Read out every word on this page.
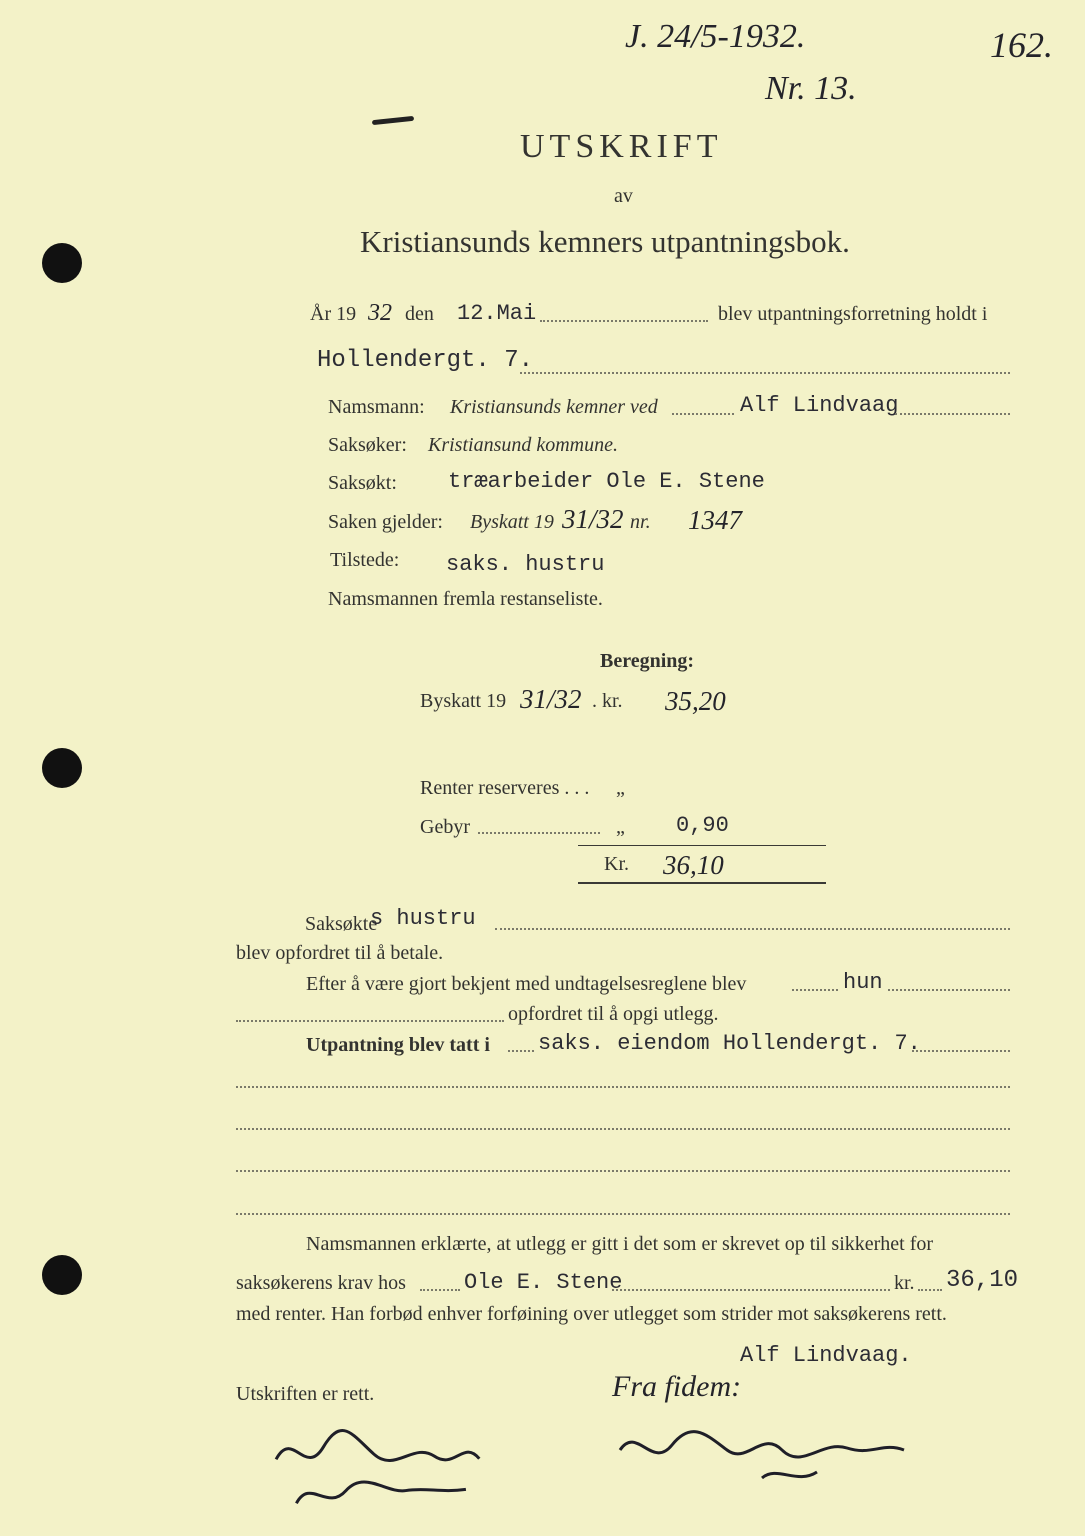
J. 24/5-1932.	162.
Nr. 13.
UTSKRIFT
av
Kristiansunds kemners utpantningsbok.
År 19 32 den 12.Mai	blev utpantningsforretning holdt i
Hollendergt. 7.
Namsmann: Kristiansunds kemner ved	Alf Lindvaag
Saksøker: Kristiansund kommune.
Saksøkt: træarbeider Ole E. Stene
Saken gjelder: Byskatt 19 31/32 nr. 1347
Tilstede: saks. hustru
Namsmannen fremla restanseliste.
Beregning:
Byskatt 19 31/32 . kr. 35,20
Renter reserveres . . . „
Gebyr	„ 0,90
Kr. 36,10
Saksøkte
s hustru
blev opfordret til å betale.
Efter å være gjort bekjent med undtagelsesreglene blev	hun
opfordret til å opgi utlegg.
Utpantning blev tatt i saks. eiendom Hollendergt. 7.
Namsmannen erklærte, at utlegg er gitt i det som er skrevet op til sikkerhet for
saksøkerens krav hos	Ole E. Stene	kr. 36,10
med renter. Han forbød enhver forføining over utlegget som strider mot saksøkerens rett.
Alf Lindvaag.
Utskriften er rett.	Fra fidem:
